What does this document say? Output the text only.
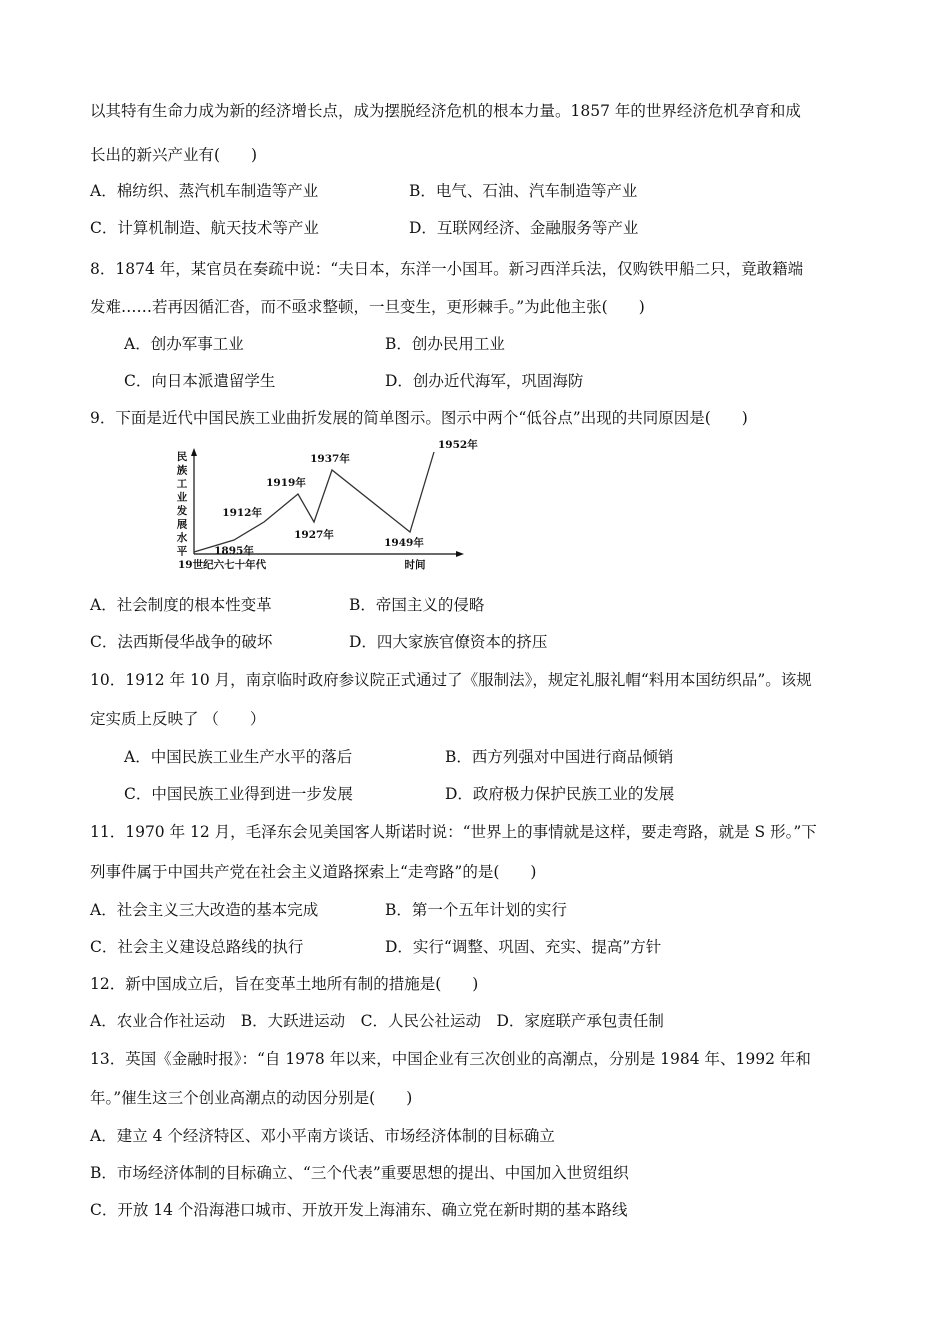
以其特有生命力成为新的经济增长点，成为摆脱经济危机的根本力量。1857 年的世界经济危机孕育和成
长出的新兴产业有(　　)
A．棉纺织、蒸汽机车制造等产业	B．电气、石油、汽车制造等产业
C．计算机制造、航天技术等产业	D．互联网经济、金融服务等产业
8．1874 年，某官员在奏疏中说：“夫日本，东洋一小国耳。新习西洋兵法，仅购铁甲船二只，竟敢籍端
发难……若再因循汇沓，而不亟求整顿，一旦变生，更形棘手。”为此他主张(　　)
A．创办军事工业	B．创办民用工业
C．向日本派遣留学生	D．创办近代海军，巩固海防
9．下面是近代中国民族工业曲折发展的简单图示。图示中两个“低谷点”出现的共同原因是(　　)
民
族
工
业
发
展
水
平
19世纪六七十年代	时间
1895年
1912年
1919年
1927年
1937年
1949年
1952年
A．社会制度的根本性变革	B．帝国主义的侵略
C．法西斯侵华战争的破坏	D．四大家族官僚资本的挤压
10．1912 年 10 月，南京临时政府参议院正式通过了《服制法》，规定礼服礼帽“料用本国纺织品”。该规
定实质上反映了 （　　）
A．中国民族工业生产水平的落后	B．西方列强对中国进行商品倾销
C．中国民族工业得到进一步发展	D．政府极力保护民族工业的发展
11．1970 年 12 月，毛泽东会见美国客人斯诺时说：“世界上的事情就是这样，要走弯路，就是 S 形。”下
列事件属于中国共产党在社会主义道路探索上“走弯路”的是(　　)
A．社会主义三大改造的基本完成	B．第一个五年计划的实行
C．社会主义建设总路线的执行	D．实行“调整、巩固、充实、提高”方针
12．新中国成立后，旨在变革土地所有制的措施是(　　)
A．农业合作社运动　B．大跃进运动　C．人民公社运动　D．家庭联产承包责任制
13．英国《金融时报》：“自 1978 年以来，中国企业有三次创业的高潮点，分别是 1984 年、1992 年和
年。”催生这三个创业高潮点的动因分别是(　　)
A．建立 4 个经济特区、邓小平南方谈话、市场经济体制的目标确立
B．市场经济体制的目标确立、“三个代表”重要思想的提出、中国加入世贸组织
C．开放 14 个沿海港口城市、开放开发上海浦东、确立党在新时期的基本路线
